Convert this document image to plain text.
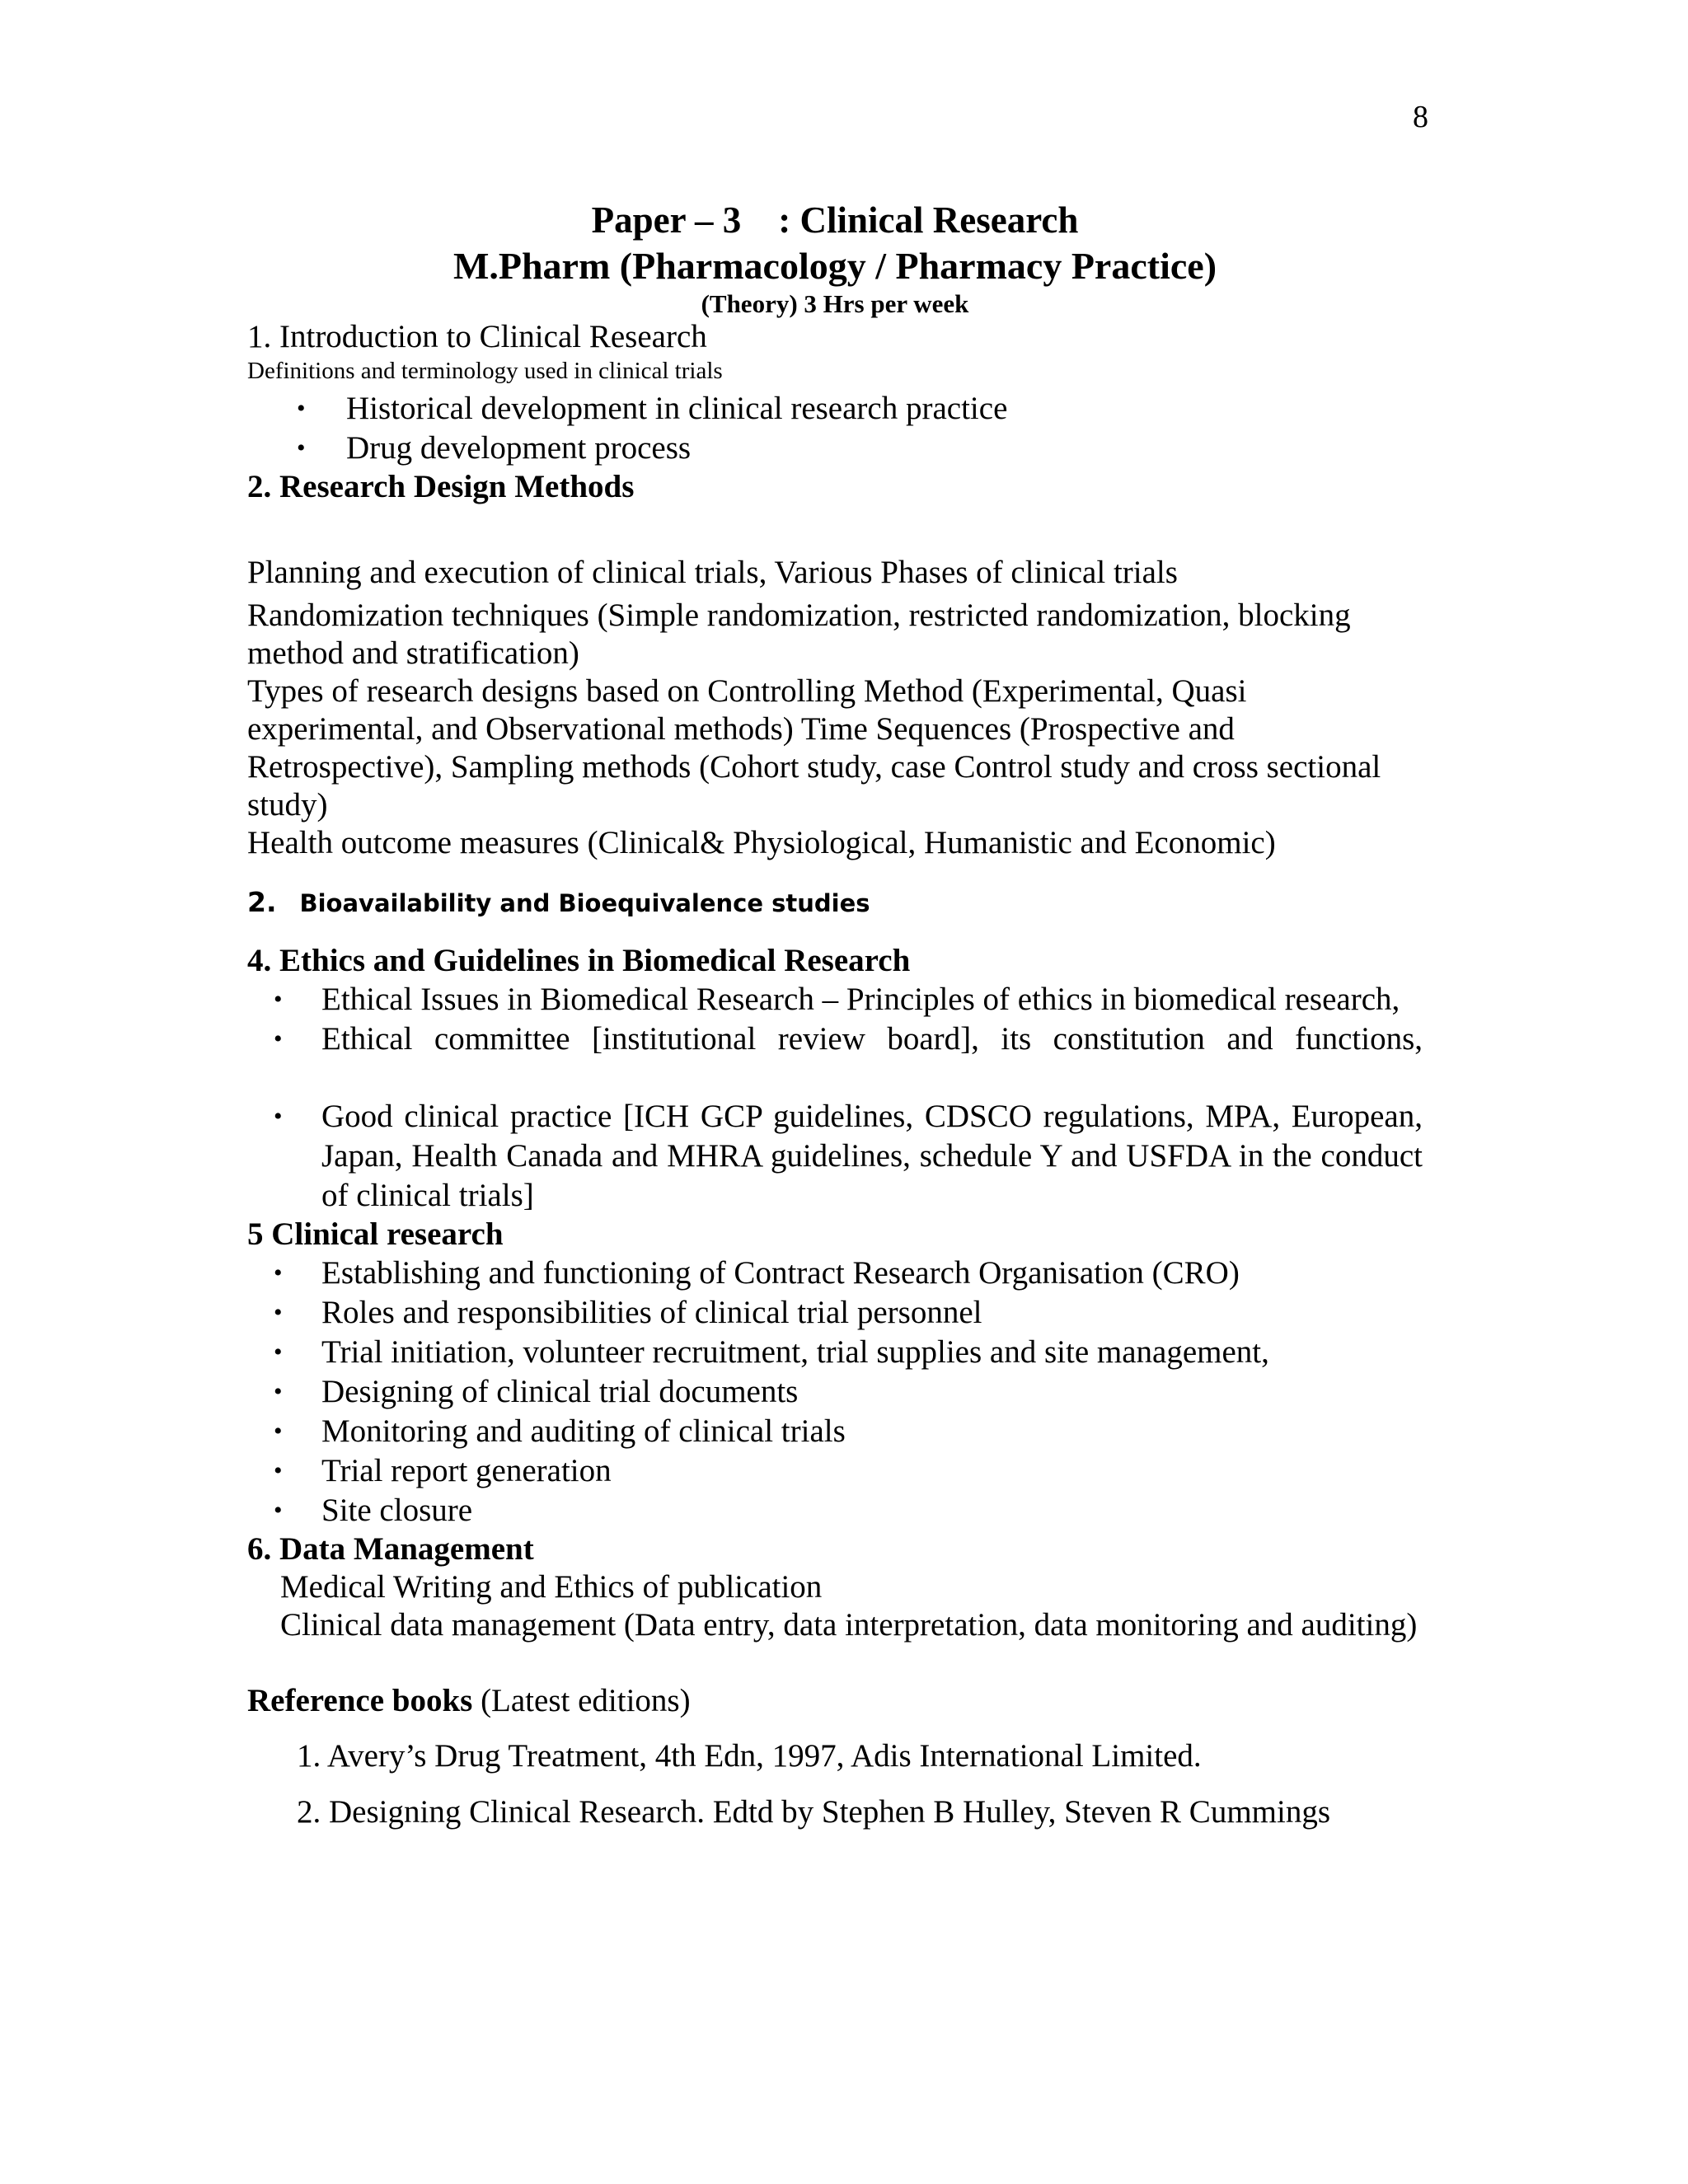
8
Paper – 3    : Clinical Research
M.Pharm (Pharmacology / Pharmacy Practice)
(Theory) 3 Hrs per week

1. Introduction to Clinical Research

Definitions and terminology used in clinical trials

• Historical development in clinical research practice
• Drug development process

2. Research Design Methods

Planning and execution of clinical trials, Various Phases of clinical trials

Randomization techniques (Simple randomization, restricted randomization, blocking method and stratification)

Types of research designs based on Controlling Method (Experimental, Quasi experimental, and Observational methods) Time Sequences (Prospective and Retrospective), Sampling methods (Cohort study, case Control study and cross sectional study)

Health outcome measures (Clinical& Physiological, Humanistic and Economic)

2. Bioavailability and Bioequivalence studies

4. Ethics and Guidelines in Biomedical Research

• Ethical Issues in Biomedical Research – Principles of ethics in biomedical research,
• Ethical committee [institutional review board], its constitution and functions,
• Good clinical practice [ICH GCP guidelines, CDSCO regulations, MPA, European, Japan, Health Canada and MHRA guidelines, schedule Y and USFDA in the conduct of clinical trials]

5 Clinical research

• Establishing and functioning of Contract Research Organisation (CRO)
• Roles and responsibilities of clinical trial personnel
• Trial initiation, volunteer recruitment, trial supplies and site management,
• Designing of clinical trial documents
• Monitoring and auditing of clinical trials
• Trial report generation
• Site closure

6. Data Management

Medical Writing and Ethics of publication

Clinical data management (Data entry, data interpretation, data monitoring and auditing)

Reference books (Latest editions)

1. Avery’s Drug Treatment, 4th Edn, 1997, Adis International Limited.
2. Designing Clinical Research. Edtd by Stephen B Hulley, Steven R Cummings
